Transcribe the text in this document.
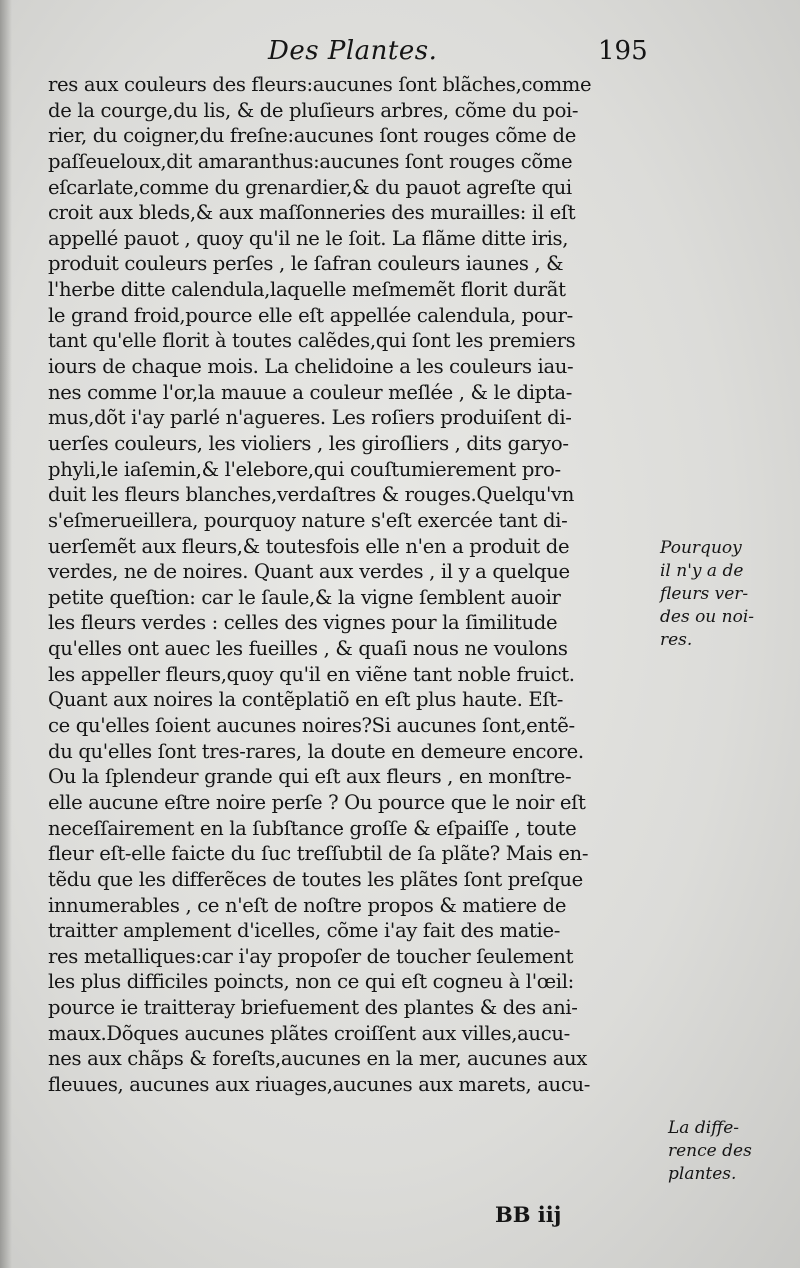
Des Plantes.	195
res aux couleurs des fleurs:aucunes ſont blãches,comme
de la courge,du lis, & de pluſieurs arbres, cõme du poi-
rier, du coigner,du freſne:aucunes ſont rouges cõme de
paſſeueloux,dit amaranthus:aucunes ſont rouges cõme
eſcarlate,comme du grenardier,& du pauot agreſte qui
croit aux bleds,& aux maſſonneries des murailles: il eſt
appellé pauot , quoy qu'il ne le ſoit. La flãme ditte iris,
produit couleurs perſes , le ſafran couleurs iaunes , &
l'herbe ditte calendula,laquelle meſmemẽt florit durãt
le grand froid,pource elle eſt appellée calendula, pour-
tant qu'elle florit à toutes calẽdes,qui ſont les premiers
iours de chaque mois. La chelidoine a les couleurs iau-
nes comme l'or,la mauue a couleur meſlée , & le dipta-
mus,dõt i'ay parlé n'agueres. Les roſiers produiſent di-
uerſes couleurs, les violiers , les giroſliers , dits garyo-
phyli,le iaſemin,& l'elebore,qui couſtumierement pro-
duit les fleurs blanches,verdaſtres & rouges.Quelqu'vn
s'eſmerueillera, pourquoy nature s'eſt exercée tant di-
uerſemẽt aux fleurs,& toutesfois elle n'en a produit de
verdes, ne de noires. Quant aux verdes , il y a quelque
petite queſtion: car le ſaule,& la vigne ſemblent auoir
les fleurs verdes : celles des vignes pour la ſimilitude
qu'elles ont auec les fueilles , & quaſi nous ne voulons
les appeller fleurs,quoy qu'il en viẽne tant noble fruict.
Quant aux noires la contẽplatiõ en eſt plus haute. Eſt-
ce qu'elles ſoient aucunes noires?Si aucunes ſont,entẽ-
du qu'elles ſont tres-rares, la doute en demeure encore.
Ou la ſplendeur grande qui eſt aux fleurs , en monſtre-
elle aucune eſtre noire perſe ? Ou pource que le noir eſt
neceſſairement en la ſubſtance groſſe & eſpaiſſe , toute
fleur eſt-elle faicte du ſuc treſſubtil de ſa plãte? Mais en-
tẽdu que les differẽces de toutes les plãtes ſont preſque
innumerables , ce n'eſt de noſtre propos & matiere de
traitter amplement d'icelles, cõme i'ay fait des matie-
res metalliques:car i'ay propoſer de toucher ſeulement
les plus difficiles poincts, non ce qui eſt cogneu à l'œil:
pource ie traitteray briefuement des plantes & des ani-
maux.Dõques aucunes plãtes croiſſent aux villes,aucu-
nes aux chãps & foreſts,aucunes en la mer, aucunes aux
fleuues, aucunes aux riuages,aucunes aux marets, aucu-
Pourquoy
il n'y a de
fleurs ver-
des ou noi-
res.
La diffe-
rence des
plantes.
BB iij
